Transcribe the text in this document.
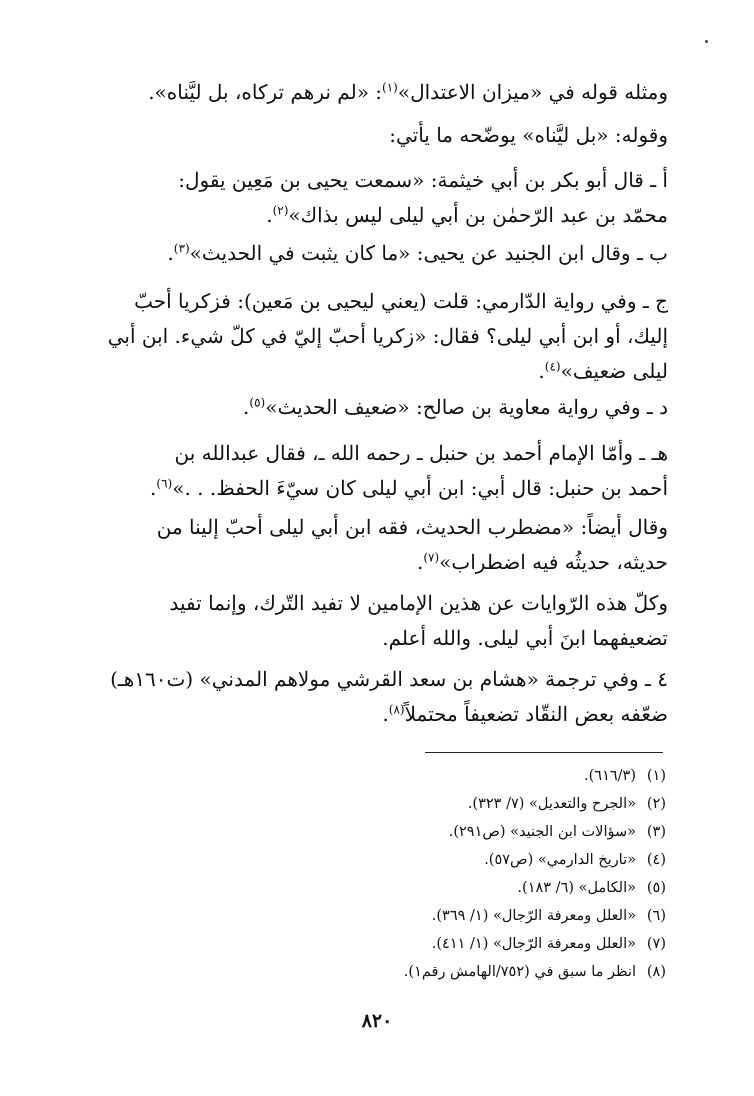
ومثله قوله في «ميزان الاعتدال»$^{(١)}$: «لم نرهم تركاه، بل ليَّناه».
وقوله: «بل ليَّناه» يوضّحه ما يأتي:
أ ـ قال أبو بكر بن أبي خيثمة: «سمعت يحيى بن مَعِين يقول:
محمّد بن عبد الرّحمٰن بن أبي ليلى ليس بذاك»$^{(٢)}$.
ب ـ وقال ابن الجنيد عن يحيى: «ما كان يثبت في الحديث»$^{(٣)}$.
ج ـ وفي رواية الدّارمي: قلت (يعني ليحيى بن مَعين): فزكريا أحبّ
إليك، أو ابن أبي ليلى؟ فقال: «زكريا أحبّ إليّ في كلّ شيء. ابن أبي
ليلى ضعيف»$^{(٤)}$.
د ـ وفي رواية معاوية بن صالح: «ضعيف الحديث»$^{(٥)}$.
هـ ـ وأمّا الإمام أحمد بن حنبل ـ رحمه الله ـ، فقال عبدالله بن
أحمد بن حنبل: قال أبي: ابن أبي ليلى كان سيّءَ الحفظ. . .»$^{(٦)}$.
وقال أيضاً: «مضطرب الحديث، فقه ابن أبي ليلى أحبّ إلينا من
حديثه، حديثُه فيه اضطراب»$^{(٧)}$.
وكلّ هذه الرّوايات عن هذين الإمامين لا تفيد التّرك، وإنما تفيد
تضعيفهما ابنَ أبي ليلى. والله أعلم.
٤ ـ وفي ترجمة «هشام بن سعد القرشي مولاهم المدني» (ت١٦٠هـ)
ضعّفه بعض النقّاد تضعيفاً محتملاً$^{(٨)}$.
(١)(٦١٦/٣).
(٢)«الجرح والتعديل» (٧/ ٣٢٣).
(٣)«سؤالات ابن الجنيد» (ص٢٩١).
(٤)«تاريخ الدارمي» (ص٥٧).
(٥)«الكامل» (٦/ ١٨٣).
(٦)«العلل ومعرفة الرّجال» (١/ ٣٦٩).
(٧)«العلل ومعرفة الرّجال» (١/ ٤١١).
(٨)انظر ما سبق في (٧٥٢/الهامش رقم١).
٨٢٠
